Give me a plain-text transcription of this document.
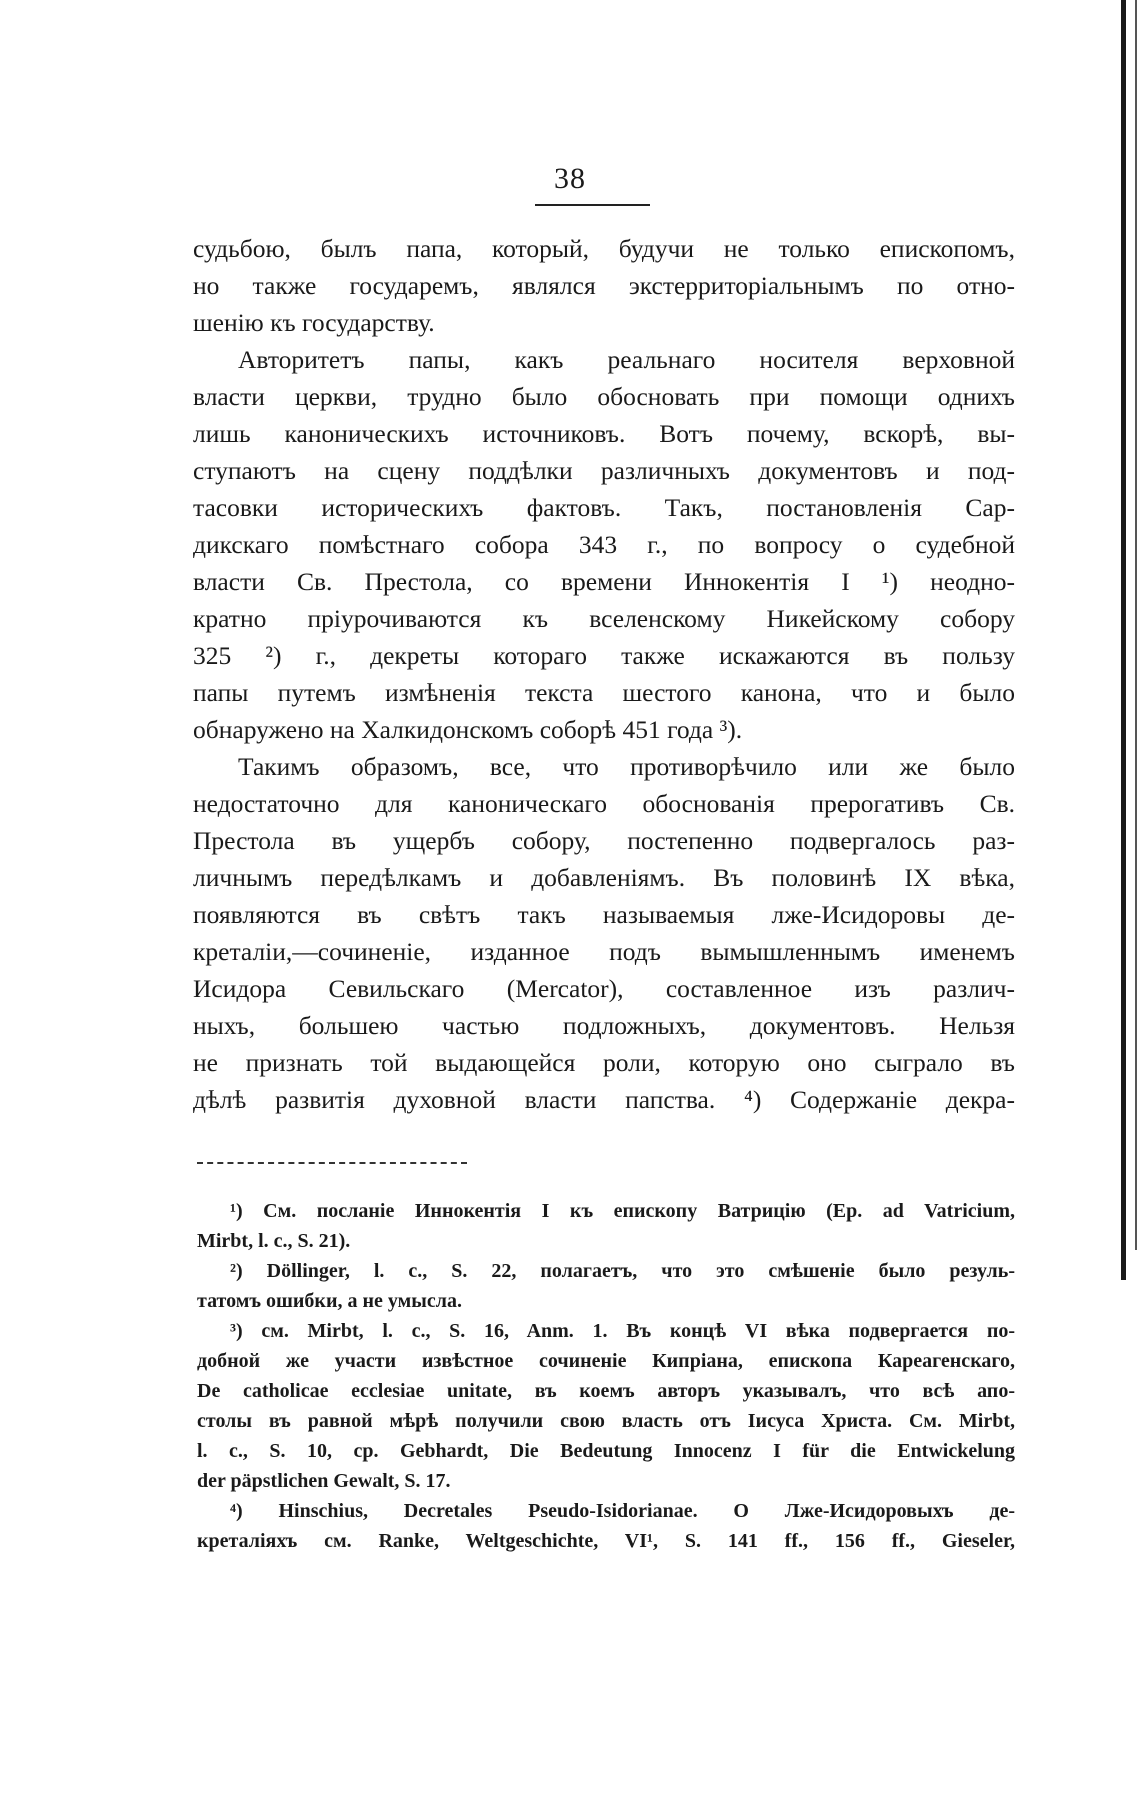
38
судьбою, былъ папа, который, будучи не только епископомъ,
но также государемъ, являлся экстерриторіальнымъ по отно-
шенію къ государству.
Авторитетъ папы, какъ реальнаго носителя верховной
власти церкви, трудно было обосновать при помощи однихъ
лишь каноническихъ источниковъ. Вотъ почему, вскорѣ, вы-
ступаютъ на сцену поддѣлки различныхъ документовъ и под-
тасовки историческихъ фактовъ. Такъ, постановленія Сар-
дикскаго помѣстнаго собора 343 г., по вопросу о судебной
власти Св. Престола, со времени Иннокентія I ¹) неодно-
кратно пріурочиваются къ вселенскому Никейскому собору
325 ²) г., декреты котораго также искажаются въ пользу
папы путемъ измѣненія текста шестого канона, что и было
обнаружено на Халкидонскомъ соборѣ 451 года ³).
Такимъ образомъ, все, что противорѣчило или же было
недостаточно для каноническаго обоснованія прерогативъ Св.
Престола въ ущербъ собору, постепенно подвергалось раз-
личнымъ передѣлкамъ и добавленіямъ. Въ половинѣ IX вѣка,
появляются въ свѣтъ такъ называемыя лже-Исидоровы де-
креталіи,—сочиненіе, изданное подъ вымышленнымъ именемъ
Исидора Севильскаго (Mercator), составленное изъ различ-
ныхъ, большею частью подложныхъ, документовъ. Нельзя
не признать той выдающейся роли, которую оно сыграло въ
дѣлѣ развитія духовной власти папства. ⁴) Содержаніе декра-
¹) См. посланіе Иннокентія I къ епископу Ватрицію (Ep. ad Vatricium,
Mirbt, l. c., S. 21).
²) Döllinger, l. c., S. 22, полагаетъ, что это смѣшеніе было резуль-
татомъ ошибки, а не умысла.
³) см. Mirbt, l. c., S. 16, Anm. 1. Въ концѣ VI вѣка подвергается по-
добной же участи извѣстное сочиненіе Кипріана, епископа Кареагенскаго,
De catholicae ecclesiae unitate, въ коемъ авторъ указывалъ, что всѣ апо-
столы въ равной мѣрѣ получили свою власть отъ Іисуса Христа. См. Mirbt,
l. c., S. 10, cp. Gebhardt, Die Bedeutung Innocenz I für die Entwickelung
der päpstlichen Gewalt, S. 17.
⁴) Hinschius, Decretales Pseudo-Isidorianae. О Лже-Исидоровыхъ де-
креталіяхъ см. Ranke, Weltgeschichte, VI¹, S. 141 ff., 156 ff., Gieseler,
